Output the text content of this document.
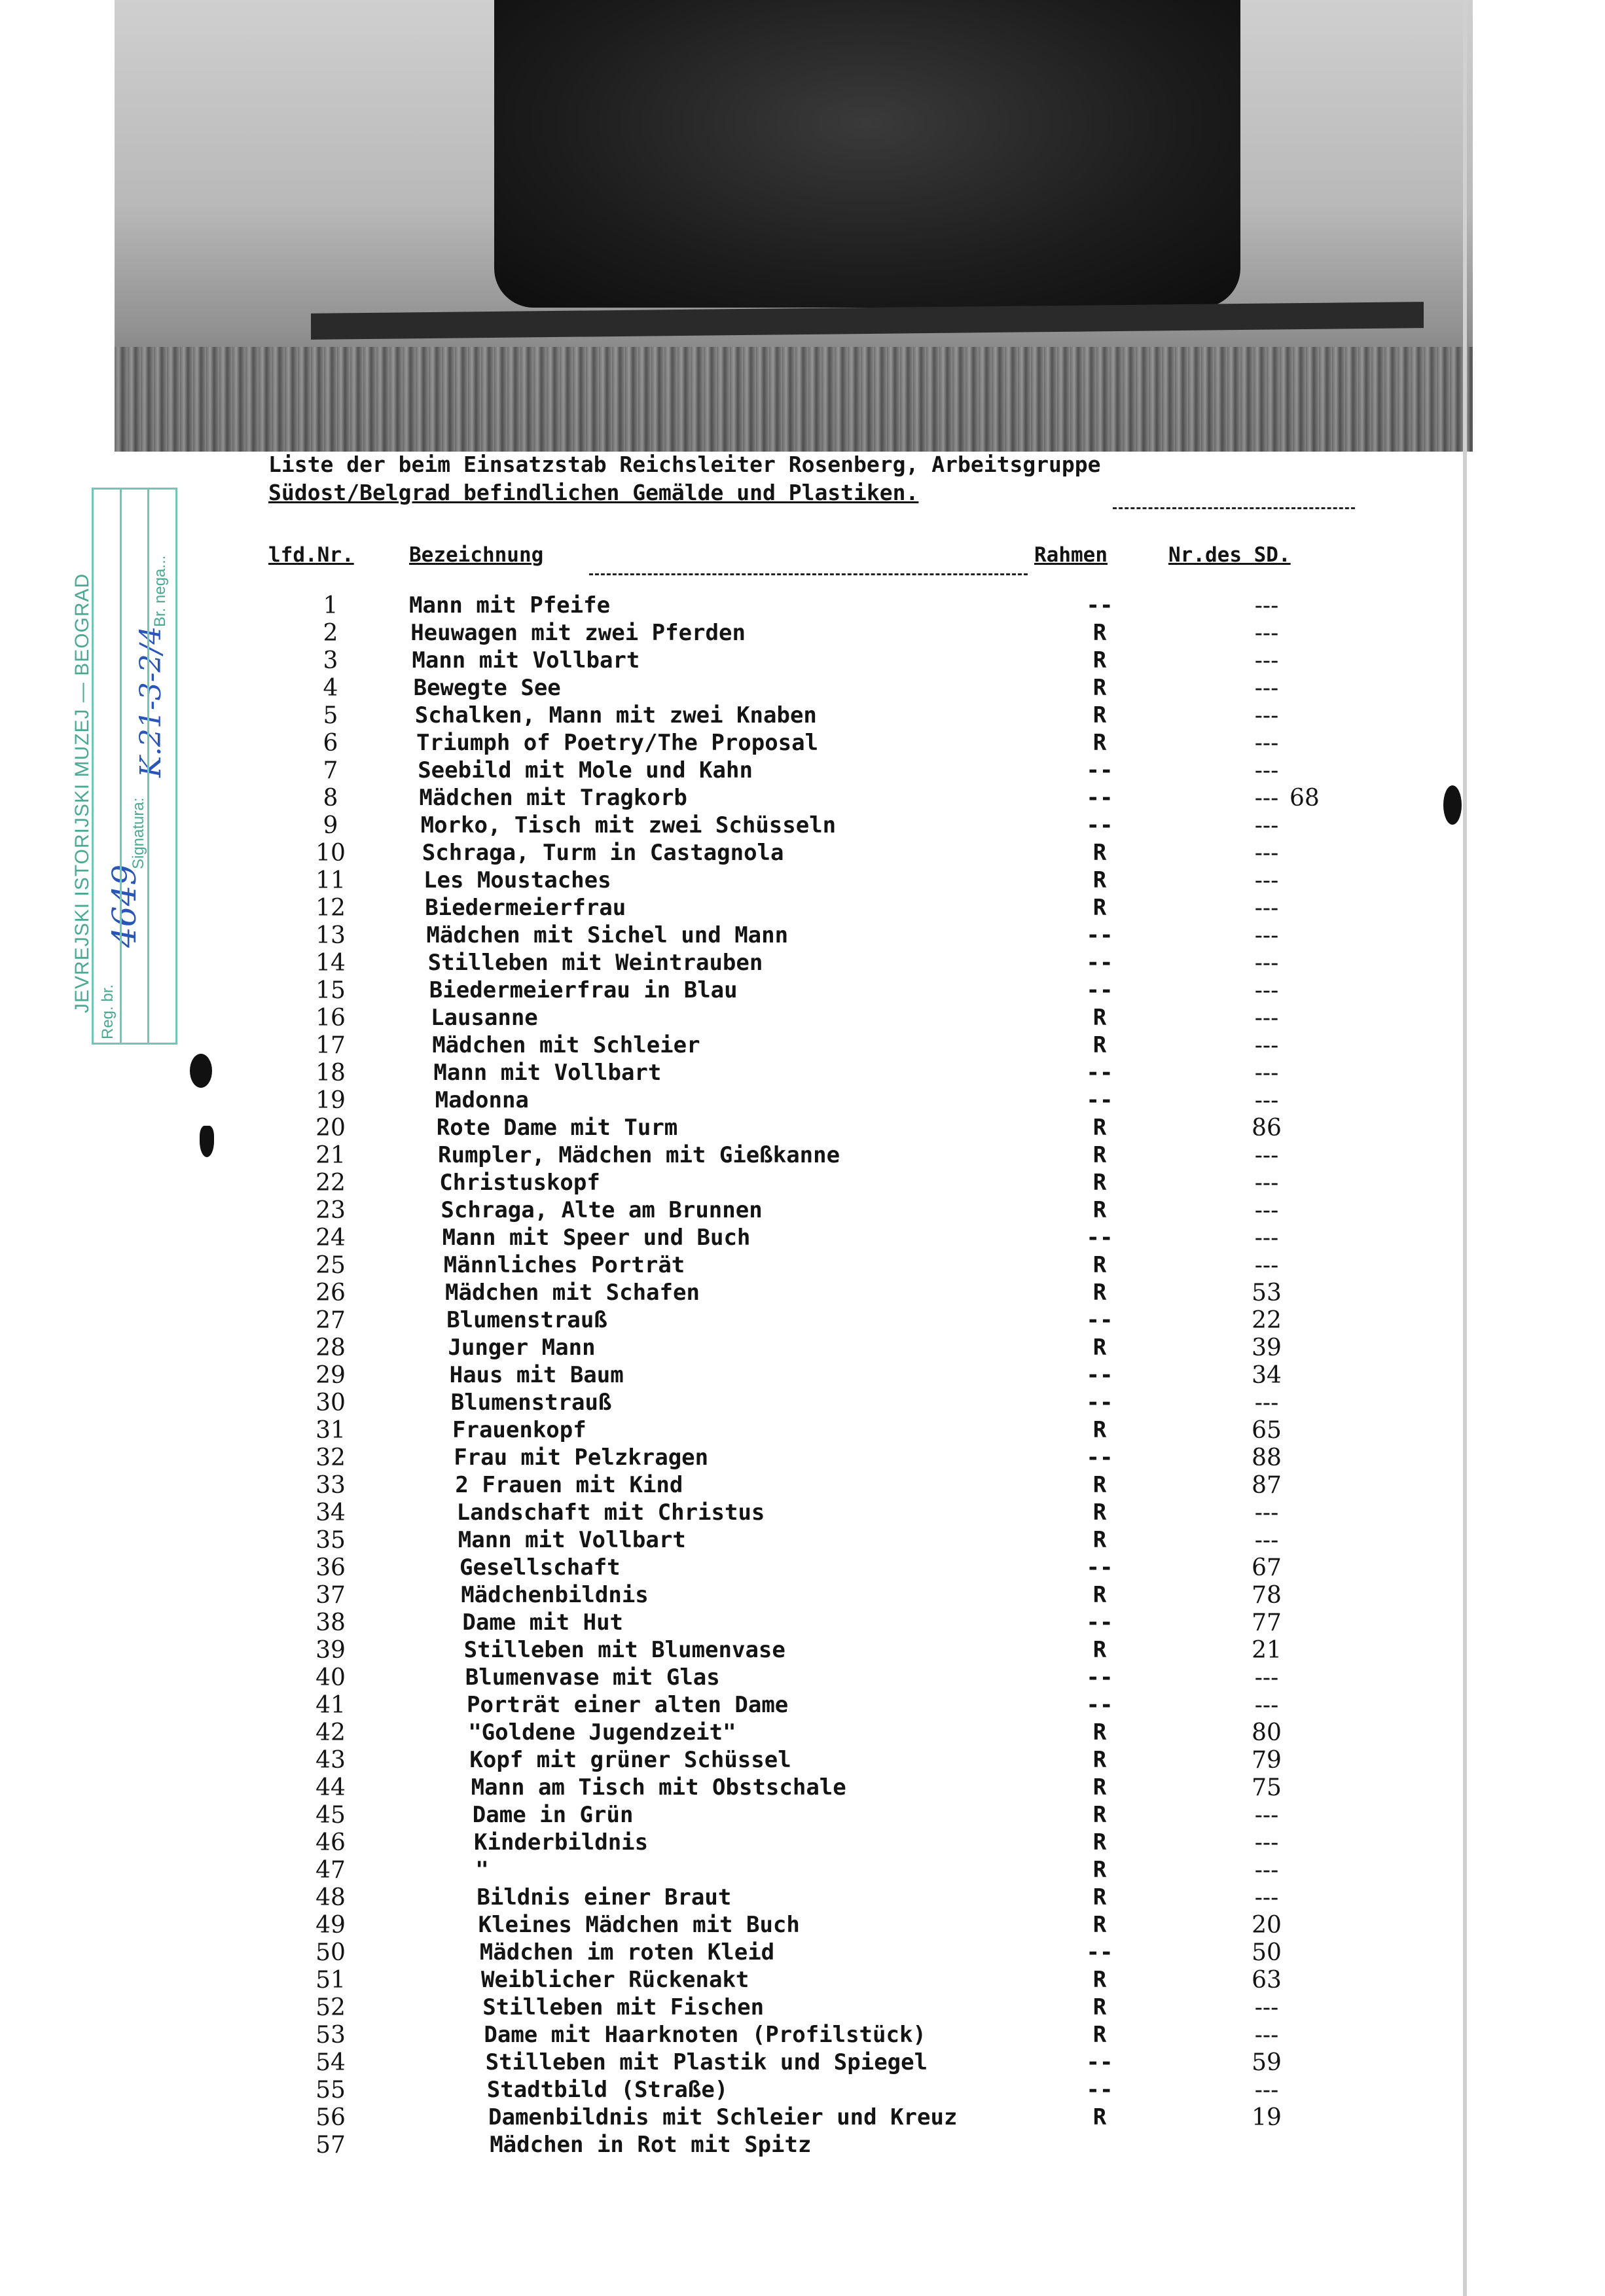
JEVREJSKI ISTORIJSKI MUZEJ — BEOGRAD Reg. br.
4649
Signatura:
K.21-3-2/4
Br. nega...
Liste der beim Einsatzstab Reichsleiter Rosenberg, Arbeitsgruppe
Südost/Belgrad befindlichen Gemälde und Plastiken.
lfd.Nr.	Bezeichnung	Rahmen	Nr.des SD.
1	Mann mit Pfeife	--	---
2	Heuwagen mit zwei Pferden	R	---
3	Mann mit Vollbart	R	---
4	Bewegte See	R	---
5	Schalken, Mann mit zwei Knaben	R	---
6	Triumph of Poetry/The Proposal	R	---
7	Seebild mit Mole und Kahn	--	---
8	Mädchen mit Tragkorb	--	--- 68
9	Morko, Tisch mit zwei Schüsseln	--	---
10	Schraga, Turm in Castagnola	R	---
11	Les Moustaches	R	---
12	Biedermeierfrau	R	---
13	Mädchen mit Sichel und Mann	--	---
14	Stilleben mit Weintrauben	--	---
15	Biedermeierfrau in Blau	--	---
16	Lausanne	R	---
17	Mädchen mit Schleier	R	---
18	Mann mit Vollbart	--	---
19	Madonna	--	---
20	Rote Dame mit Turm	R	86
21	Rumpler, Mädchen mit Gießkanne	R	---
22	Christuskopf	R	---
23	Schraga, Alte am Brunnen	R	---
24	Mann mit Speer und Buch	--	---
25	Männliches Porträt	R	---
26	Mädchen mit Schafen	R	53
27	Blumenstrauß	--	22
28	Junger Mann	R	39
29	Haus mit Baum	--	34
30	Blumenstrauß	--	---
31	Frauenkopf	R	65
32	Frau mit Pelzkragen	--	88
33	2 Frauen mit Kind	R	87
34	Landschaft mit Christus	R	---
35	Mann mit Vollbart	R	---
36	Gesellschaft	--	67
37	Mädchenbildnis	R	78
38	Dame mit Hut	--	77
39	Stilleben mit Blumenvase	R	21
40	Blumenvase mit Glas	--	---
41	Porträt einer alten Dame	--	---
42	"Goldene Jugendzeit"	R	80
43	Kopf mit grüner Schüssel	R	79
44	Mann am Tisch mit Obstschale	R	75
45	Dame in Grün	R	---
46	Kinderbildnis	R	---
47	"	R	---
48	Bildnis einer Braut	R	---
49	Kleines Mädchen mit Buch	R	20
50	Mädchen im roten Kleid	--	50
51	Weiblicher Rückenakt	R	63
52	Stilleben mit Fischen	R	---
53	Dame mit Haarknoten (Profilstück)	R	---
54	Stilleben mit Plastik und Spiegel	--	59
55	Stadtbild (Straße)	--	---
56	Damenbildnis mit Schleier und Kreuz	R	19
57	Mädchen in Rot mit Spitz
